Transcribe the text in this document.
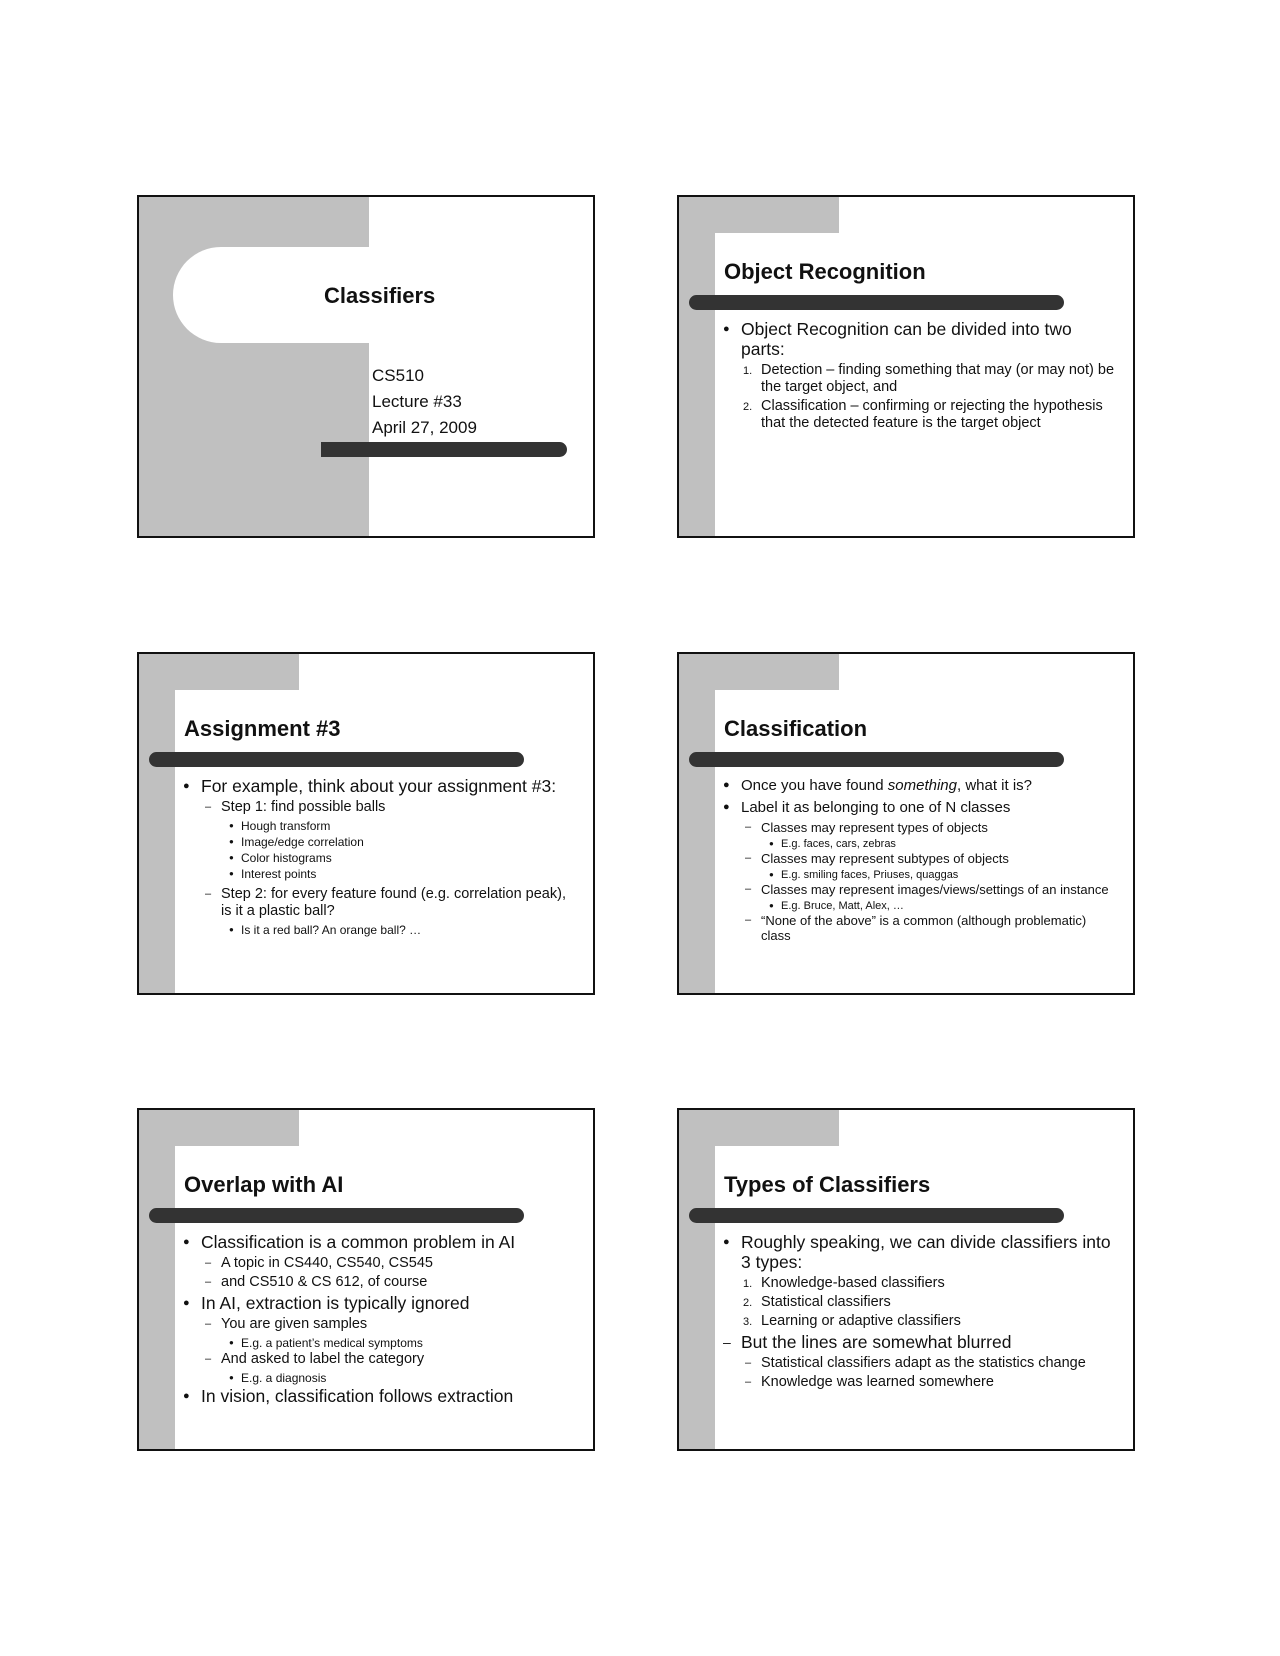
Classifiers
CS510
Lecture #33
April 27, 2009
Object Recognition
● Object Recognition can be divided into two parts:
1. Detection – finding something that may (or may not) be the target object, and
2. Classification – confirming or rejecting the hypothesis that the detected feature is the target object
Assignment #3
● For example, think about your assignment #3:
– Step 1: find possible balls
● Hough transform
● Image/edge correlation
● Color histograms
● Interest points
– Step 2: for every feature found (e.g. correlation peak), is it a plastic ball?
● Is it a red ball? An orange ball? …
Classification
● Once you have found something, what it is?
● Label it as belonging to one of N classes
– Classes may represent types of objects
● E.g. faces, cars, zebras
– Classes may represent subtypes of objects
● E.g. smiling faces, Priuses, quaggas
– Classes may represent images/views/settings of an instance
● E.g. Bruce, Matt, Alex, …
– “None of the above” is a common (although problematic) class
Overlap with AI
● Classification is a common problem in AI
– A topic in CS440, CS540, CS545
– and CS510 & CS 612, of course
● In AI, extraction is typically ignored
– You are given samples
● E.g. a patient’s medical symptoms
– And asked to label the category
● E.g. a diagnosis
● In vision, classification follows extraction
Types of Classifiers
● Roughly speaking, we can divide classifiers into 3 types:
1. Knowledge-based classifiers
2. Statistical classifiers
3. Learning or adaptive classifiers
– But the lines are somewhat blurred
– Statistical classifiers adapt as the statistics change
– Knowledge was learned somewhere
